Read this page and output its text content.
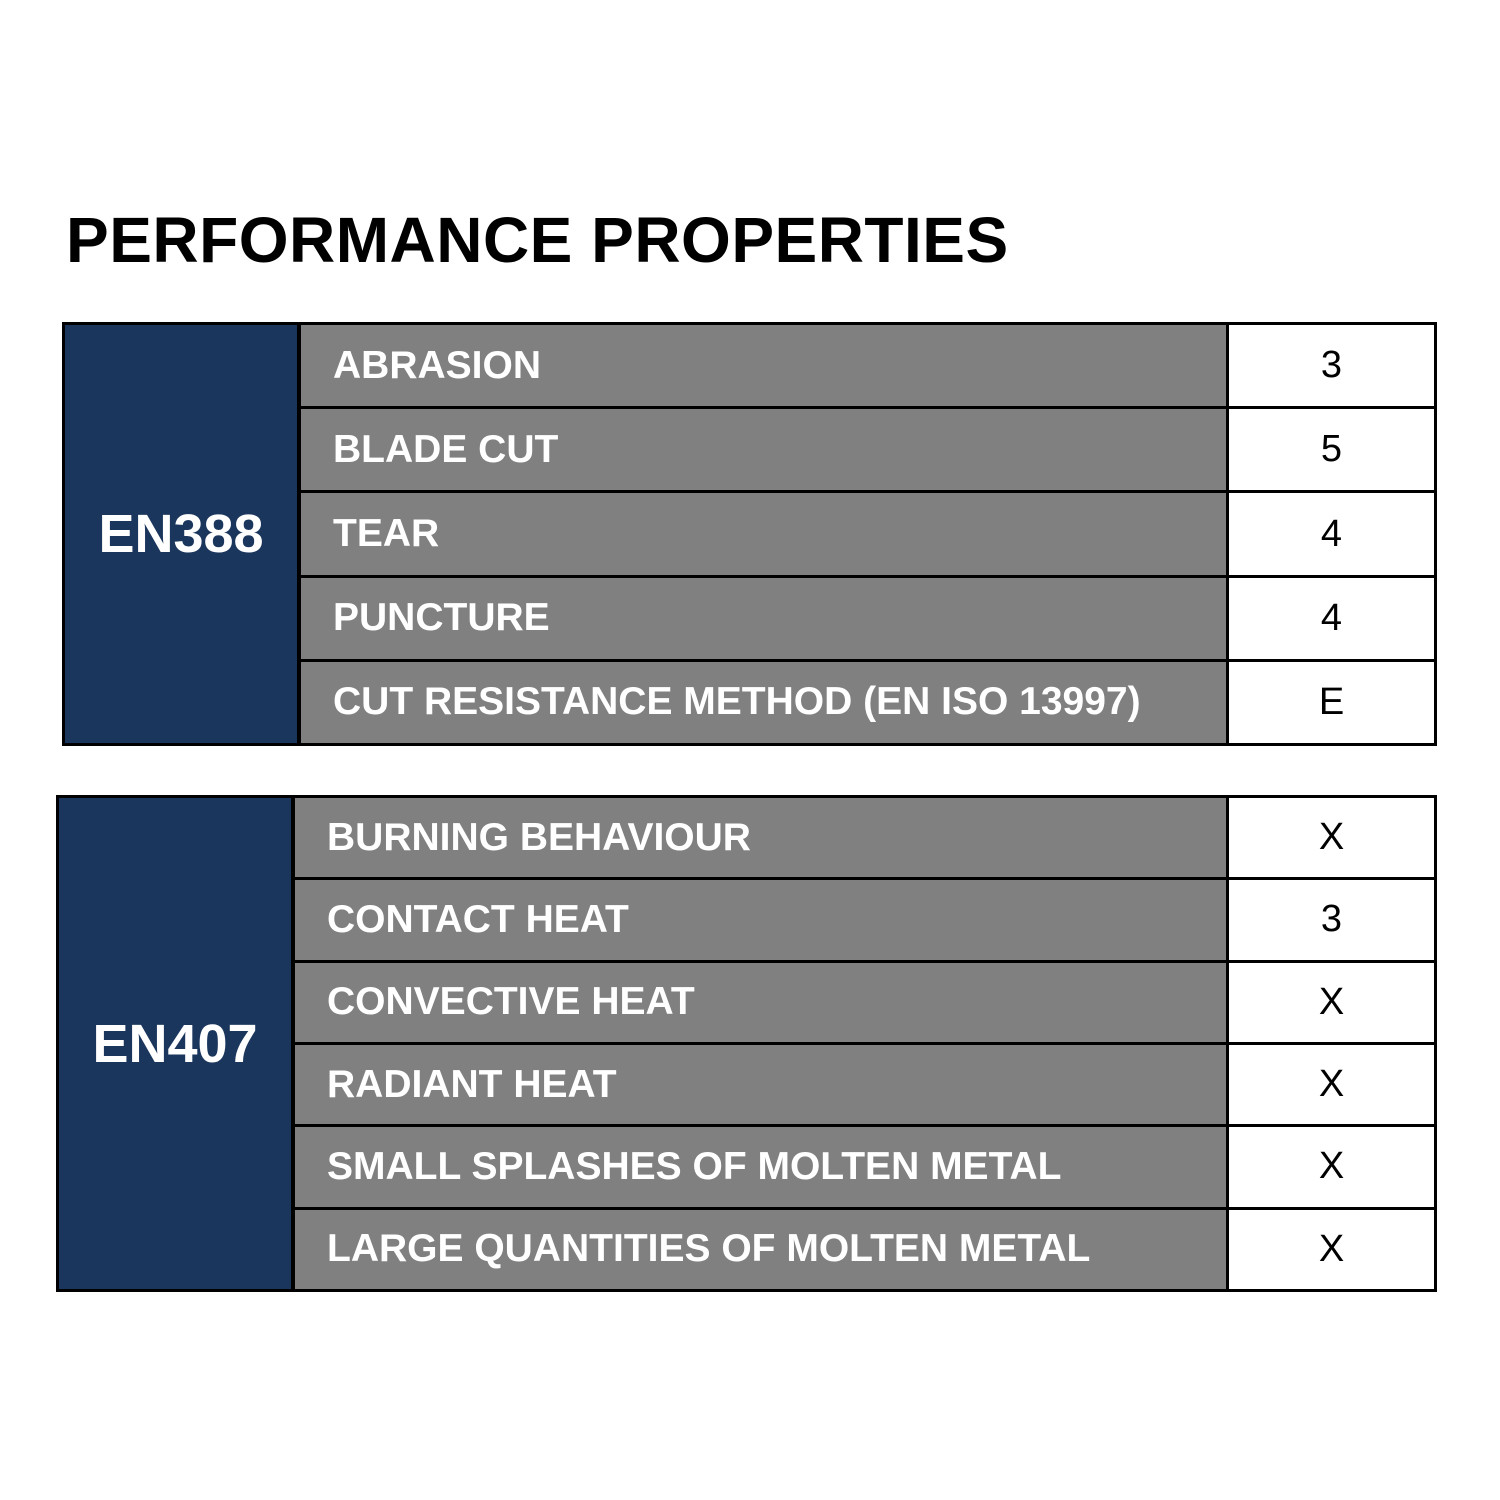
PERFORMANCE PROPERTIES
EN388
ABRASION	3
BLADE CUT	5
TEAR	4
PUNCTURE	4
CUT RESISTANCE METHOD (EN ISO 13997)	E
EN407
BURNING BEHAVIOUR	X
CONTACT HEAT	3
CONVECTIVE HEAT	X
RADIANT HEAT	X
SMALL SPLASHES OF MOLTEN METAL	X
LARGE QUANTITIES OF MOLTEN METAL	X
